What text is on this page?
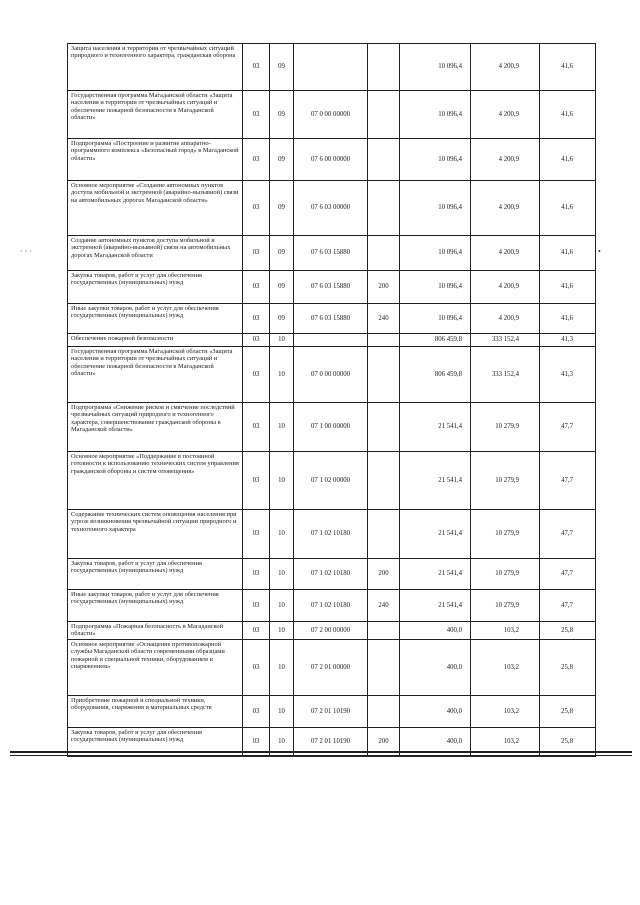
Защита населения и территории от чрезвычайных ситуаций природного и техногенного характера, гражданская оборона	03	09			10 096,4	4 200,9	41,6
Государственная программа Магаданской области «Защита населения и территории от чрезвычайных ситуаций и обеспечение пожарной безопасности в Магаданской области»	03	09	07 0 00 00000		10 096,4	4 200,9	41,6
Подпрограмма «Построение и развитие аппаратно-программного комплекса «Безопасный город» в Магаданской области»	03	09	07 6 00 00000		10 096,4	4 200,9	41,6
Основное мероприятие «Создание автономных пунктов доступа мобильной и экстренной (аварийно-вызывной) связи на автомобильных дорогах Магаданской области»	03	09	07 6 03 00000		10 096,4	4 200,9	41,6
Создание автономных пунктов доступа мобильной и экстренной (аварийно-вызывной) связи на автомобильных дорогах Магаданской области	03	09	07 6 03 15880		10 096,4	4 200,9	41,6
Закупка товаров, работ и услуг для обеспечения государственных (муниципальных) нужд	03	09	07 6 03 15880	200	10 096,4	4 200,9	41,6
Иные закупки товаров, работ и услуг для обеспечения государственных (муниципальных) нужд	03	09	07 6 03 15880	240	10 096,4	4 200,9	41,6
Обеспечение пожарной безопасности	03	10			806 459,8	333 152,4	41,3
Государственная программа Магаданской области «Защита населения и территории от чрезвычайных ситуаций и обеспечение пожарной безопасности в Магаданской области»	03	10	07 0 00 00000		806 459,8	333 152,4	41,3
Подпрограмма «Снижение рисков и смягчение последствий чрезвычайных ситуаций природного и техногенного характера, совершенствование гражданской обороны в Магаданской области»	03	10	07 1 00 00000		21 541,4	10 279,9	47,7
Основное мероприятие «Поддержание в постоянной готовности к использованию технических систем управления гражданской обороны и систем оповещения»	03	10	07 1 02 00000		21 541,4	10 279,9	47,7
Содержание технических систем оповещения населения при угрозе возникновения чрезвычайной ситуации природного и техногенного характера	03	10	07 1 02 10180		21 541,4	10 279,9	47,7
Закупка товаров, работ и услуг для обеспечения государственных (муниципальных) нужд	03	10	07 1 02 10180	200	21 541,4	10 279,9	47,7
Иные закупки товаров, работ и услуг для обеспечения государственных (муниципальных) нужд	03	10	07 1 02 10180	240	21 541,4	10 279,9	47,7
Подпрограмма «Пожарная безопасность в Магаданской области»	03	10	07 2 00 00000		400,0	103,2	25,8
Основное мероприятие «Оснащение противопожарной службы Магаданской области современными образцами пожарной и специальной техники, оборудованием и снаряжением»	03	10	07 2 01 00000		400,0	103,2	25,8
Приобретение пожарной и специальной техники, оборудования, снаряжения и материальных средств	03	10	07 2 01 10190		400,0	103,2	25,8
Закупка товаров, работ и услуг для обеспечения государственных (муниципальных) нужд	03	10	07 2 01 10190	200	400,0	103,2	25,8
· · ·	•
